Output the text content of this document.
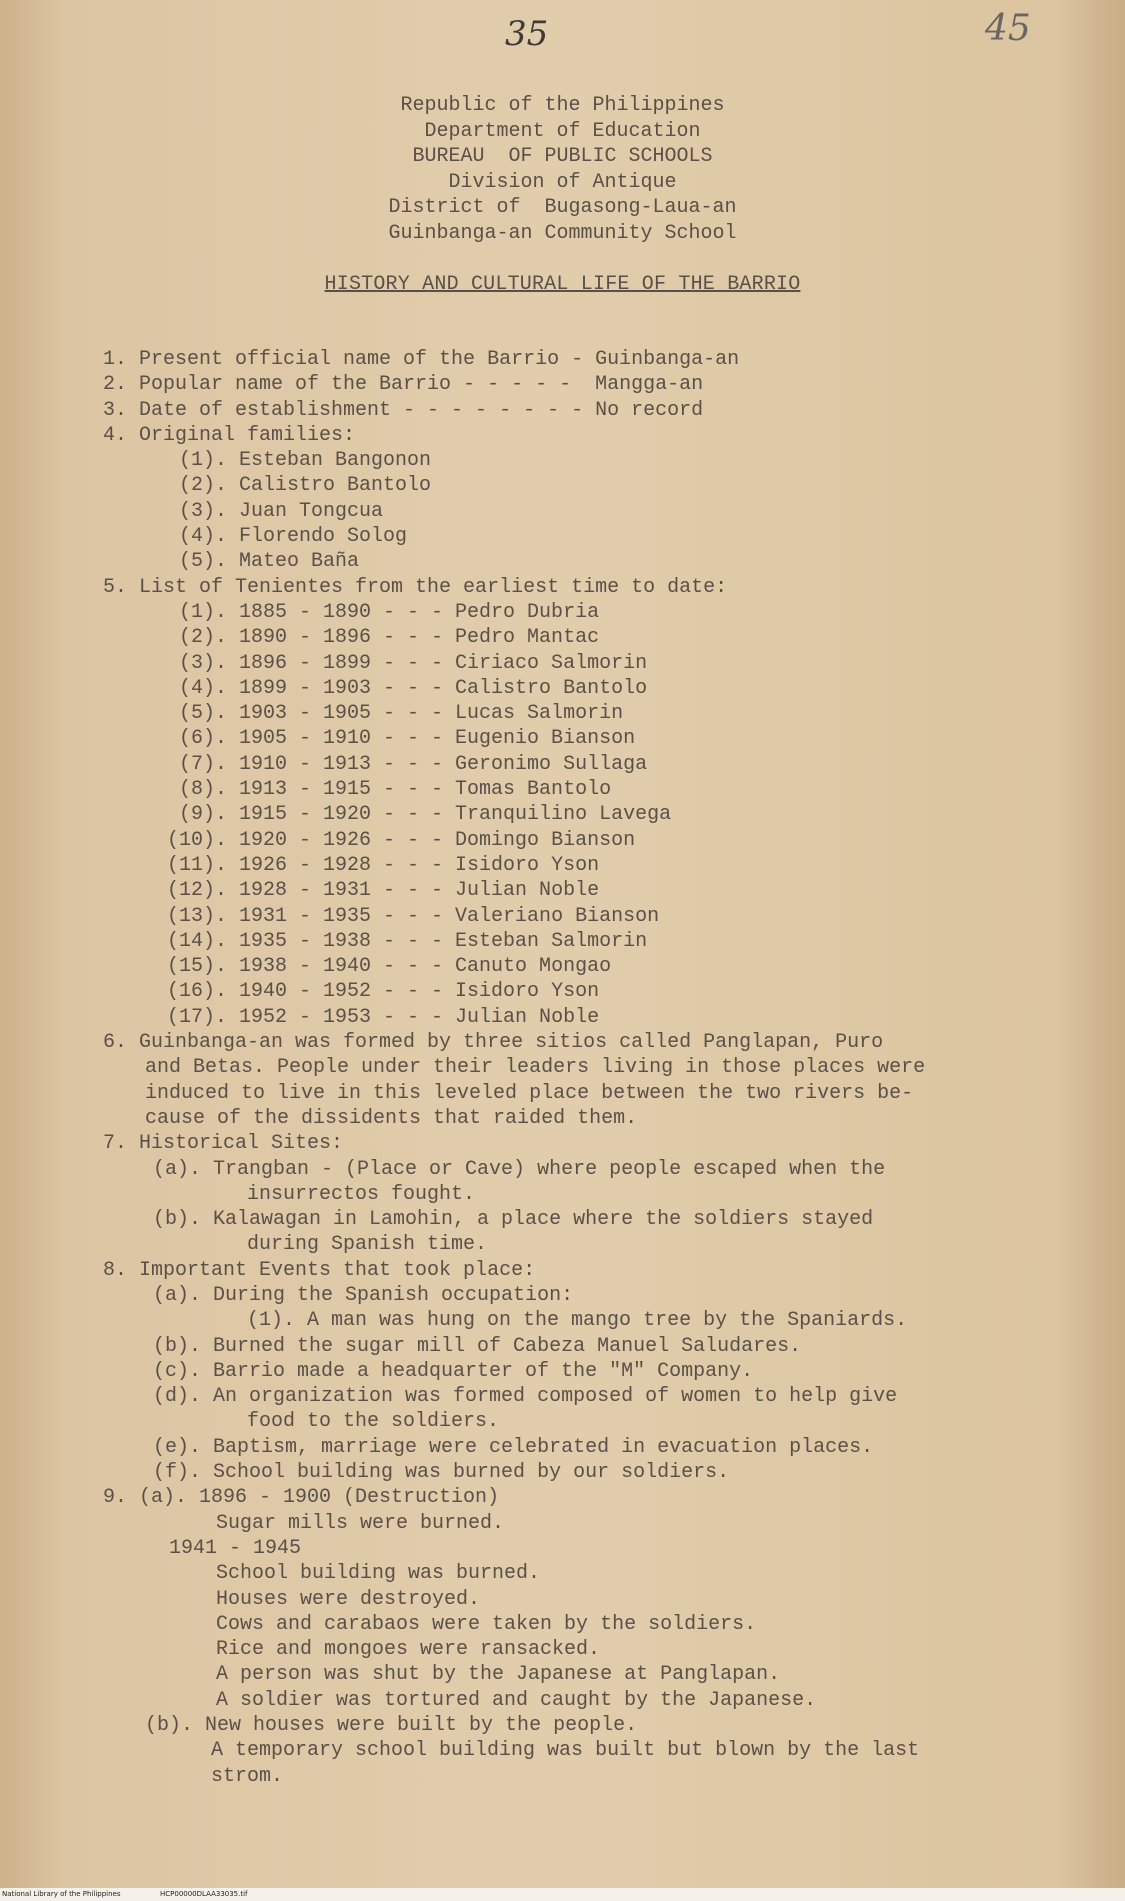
35	45
Republic of the Philippines
Department of Education
BUREAU  OF PUBLIC SCHOOLS
Division of Antique
District of  Bugasong-Laua-an
Guinbanga-an Community School
HISTORY AND CULTURAL LIFE OF THE BARRIO
1. Present official name of the Barrio - Guinbanga-an
2. Popular name of the Barrio - - - - -  Mangga-an
3. Date of establishment - - - - - - - - No record
4. Original families:
(1). Esteban Bangonon
(2). Calistro Bantolo
(3). Juan Tongcua
(4). Florendo Solog
(5). Mateo Baña
5. List of Tenientes from the earliest time to date:
(1). 1885 - 1890 - - - Pedro Dubria
(2). 1890 - 1896 - - - Pedro Mantac
(3). 1896 - 1899 - - - Ciriaco Salmorin
(4). 1899 - 1903 - - - Calistro Bantolo
(5). 1903 - 1905 - - - Lucas Salmorin
(6). 1905 - 1910 - - - Eugenio Bianson
(7). 1910 - 1913 - - - Geronimo Sullaga
(8). 1913 - 1915 - - - Tomas Bantolo
(9). 1915 - 1920 - - - Tranquilino Lavega
(10). 1920 - 1926 - - - Domingo Bianson
(11). 1926 - 1928 - - - Isidoro Yson
(12). 1928 - 1931 - - - Julian Noble
(13). 1931 - 1935 - - - Valeriano Bianson
(14). 1935 - 1938 - - - Esteban Salmorin
(15). 1938 - 1940 - - - Canuto Mongao
(16). 1940 - 1952 - - - Isidoro Yson
(17). 1952 - 1953 - - - Julian Noble
6. Guinbanga-an was formed by three sitios called Panglapan, Puro
and Betas. People under their leaders living in those places were
induced to live in this leveled place between the two rivers be-
cause of the dissidents that raided them.
7. Historical Sites:
(a). Trangban - (Place or Cave) where people escaped when the
insurrectos fought.
(b). Kalawagan in Lamohin, a place where the soldiers stayed
during Spanish time.
8. Important Events that took place:
(a). During the Spanish occupation:
(1). A man was hung on the mango tree by the Spaniards.
(b). Burned the sugar mill of Cabeza Manuel Saludares.
(c). Barrio made a headquarter of the "M" Company.
(d). An organization was formed composed of women to help give
food to the soldiers.
(e). Baptism, marriage were celebrated in evacuation places.
(f). School building was burned by our soldiers.
9. (a). 1896 - 1900 (Destruction)
Sugar mills were burned.
1941 - 1945
School building was burned.
Houses were destroyed.
Cows and carabaos were taken by the soldiers.
Rice and mongoes were ransacked.
A person was shut by the Japanese at Panglapan.
A soldier was tortured and caught by the Japanese.
(b). New houses were built by the people.
A temporary school building was built but blown by the last
strom.
National Library of the Philippines	HCP00000DLAA33035.tif
